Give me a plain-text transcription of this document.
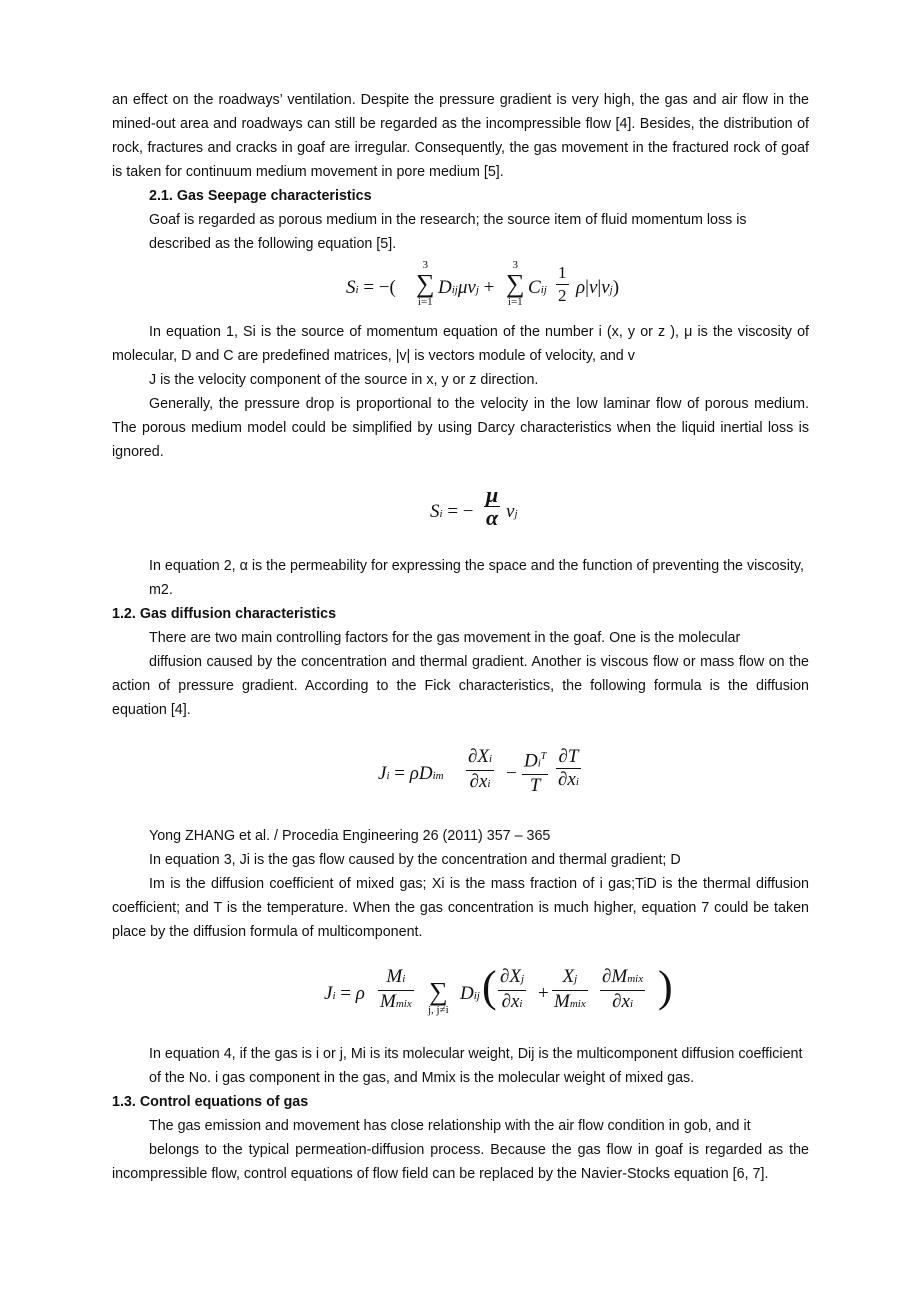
an effect on the roadways’ ventilation. Despite the pressure gradient is very high, the gas and air flow in the mined-out area and roadways can still be regarded as the incompressible flow [4]. Besides, the distribution of rock, fractures and cracks in goaf are irregular. Consequently, the gas movement in the fractured rock of goaf is taken for continuum medium movement in pore medium [5].

2.1. Gas Seepage characteristics

Goaf is regarded as porous medium in the research; the source item of fluid momentum loss is described as the following equation [5].

Si = −(
3
∑
i=1
Dijμvj +
3
∑
i=1
Cij $\frac{1}{2} \rho|v|vj$)

In equation 1, Si is the source of momentum equation of the number i (x, y or z ), μ is the viscosity of molecular, D and C are predefined matrices, |v| is vectors module of velocity, and v

J is the velocity component of the source in x, y or z direction.

Generally, the pressure drop is proportional to the velocity in the low laminar flow of porous medium. The porous medium model could be simplified by using Darcy characteristics when the liquid inertial loss is ignored.

Si = − $\frac{\mu}{\alpha}$ vj

In equation 2, α is the permeability for expressing the space and the function of preventing the viscosity, m2.

1.2. Gas diffusion characteristics

There are two main controlling factors for the gas movement in the goaf. One is the molecular

diffusion caused by the concentration and thermal gradient. Another is viscous flow or mass flow on the action of pressure gradient. According to the Fick characteristics, the following formula is the diffusion equation [4].

Ji = ρDim $\frac{\partial Xi}{\partial xi}$ −
$Di^T$
T $\frac{\partial T}{\partial xi}$

Yong ZHANG et al. / Procedia Engineering 26 (2011) 357 – 365

In equation 3, Ji is the gas flow caused by the concentration and thermal gradient; D

Im is the diffusion coefficient of mixed gas; Xi is the mass fraction of i gas;TiD is the thermal diffusion coefficient; and T is the temperature. When the gas concentration is much higher, equation 7 could be taken place by the diffusion formula of multicomponent.

Ji = ρ
Mi
Mmix
∑
j, j≠i
Dij ( $\frac{\partial Xj}{\partial xi}$ +
Xj
Mmix
∂Mmix
∂xi )

In equation 4, if the gas is i or j, Mi is its molecular weight, Dij is the multicomponent diffusion coefficient of the No. i gas component in the gas, and Mmix is the molecular weight of mixed gas.

1.3. Control equations of gas

The gas emission and movement has close relationship with the air flow condition in gob, and it

belongs to the typical permeation-diffusion process. Because the gas flow in goaf is regarded as the incompressible flow, control equations of flow field can be replaced by the Navier-Stocks equation [6, 7].
